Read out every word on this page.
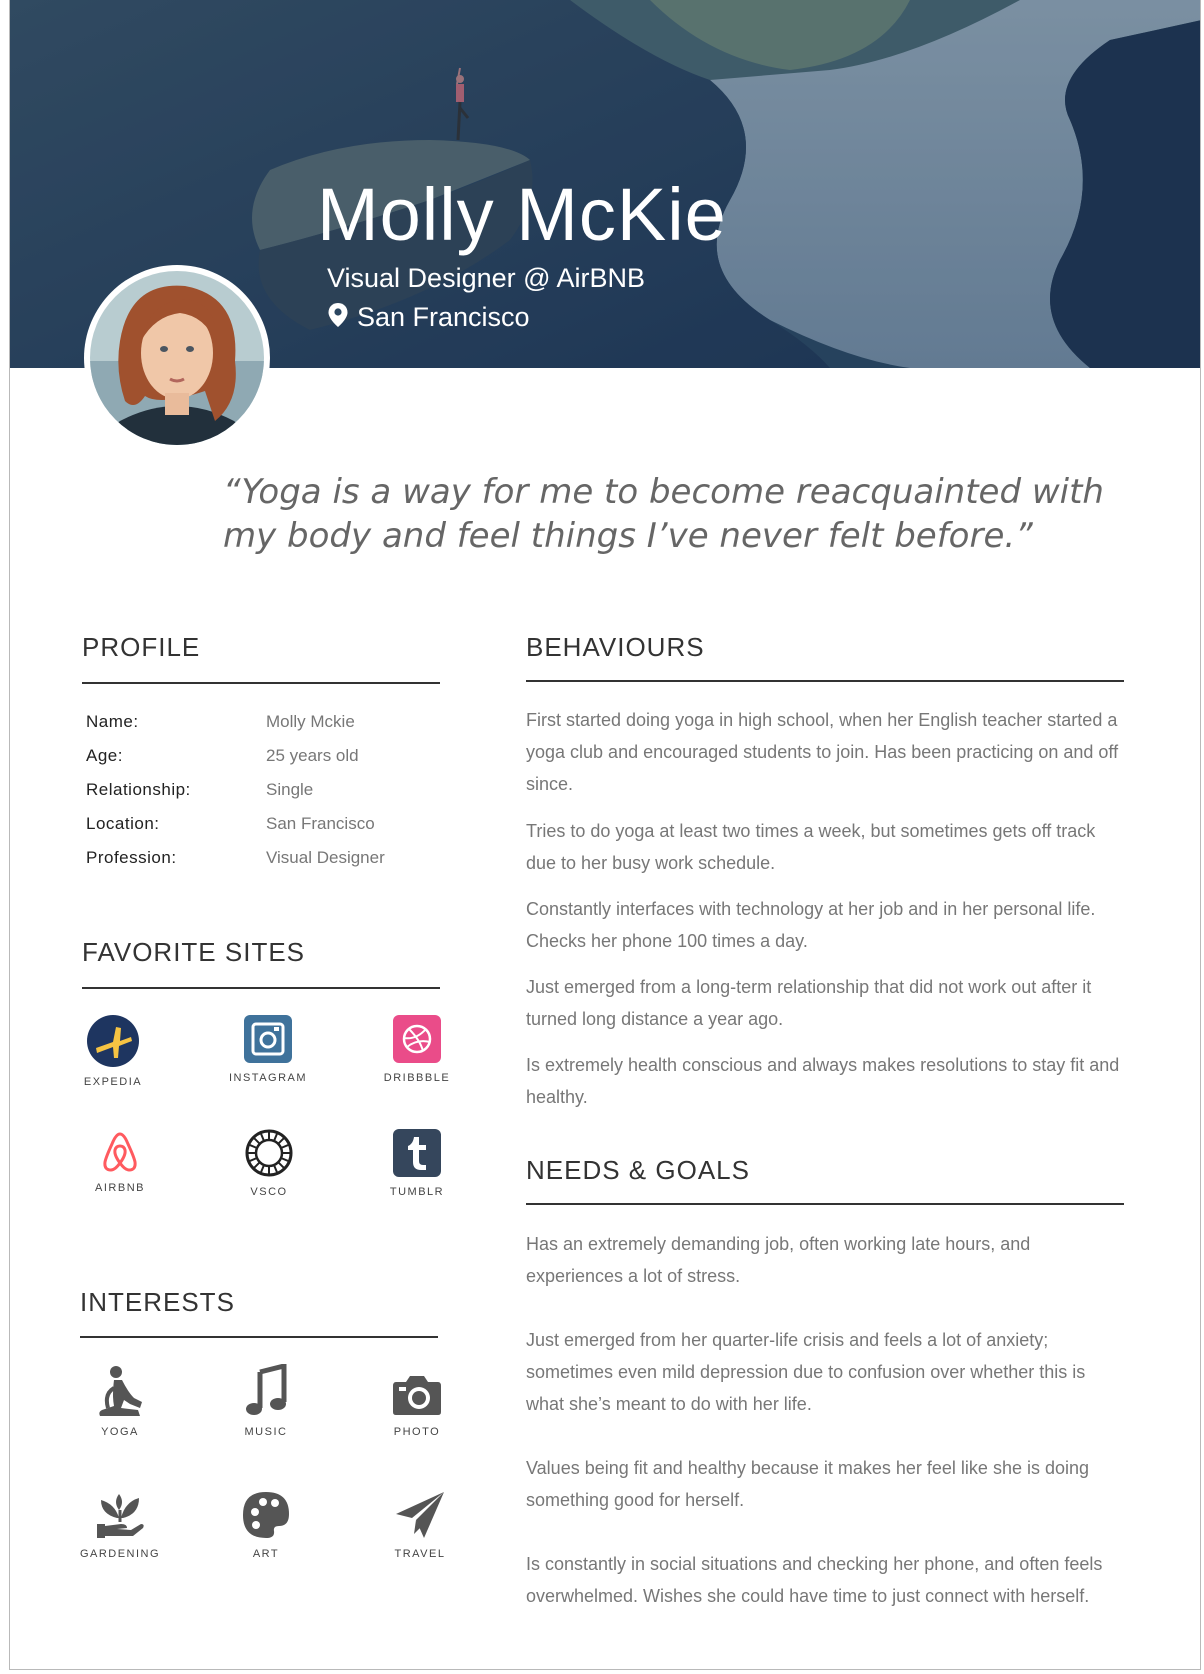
Molly McKie
Visual Designer @ AirBNB
San Francisco
“Yoga is a way for me to become reacquainted with my body and feel things I’ve never felt before.”
PROFILE
Name:	Molly Mckie
Age:	25 years old
Relationship:	Single
Location:	San Francisco
Profession:	Visual Designer
FAVORITE SITES
EXPEDIA	INSTAGRAM	DRIBBBLE
AIRBNB	VSCO	TUMBLR
INTERESTS
YOGA	MUSIC	PHOTO
GARDENING	ART	TRAVEL
BEHAVIOURS

First started doing yoga in high school, when her English teacher started a yoga club and encouraged students to join. Has been practicing on and off since.

Tries to do yoga at least two times a week, but sometimes gets off track due to her busy work schedule.

Constantly interfaces with technology at her job and in her personal life. Checks her phone 100 times a day.

Just emerged from a long-term relationship that did not work out after it turned long distance a year ago.

Is extremely health conscious and always makes resolutions to stay fit and healthy.

NEEDS & GOALS

Has an extremely demanding job, often working late hours, and experiences a lot of stress.

Just emerged from her quarter-life crisis and feels a lot of anxiety; sometimes even mild depression due to confusion over whether this is what she’s meant to do with her life.

Values being fit and healthy because it makes her feel like she is doing something good for herself.

Is constantly in social situations and checking her phone, and often feels overwhelmed. Wishes she could have time to just connect with herself.
